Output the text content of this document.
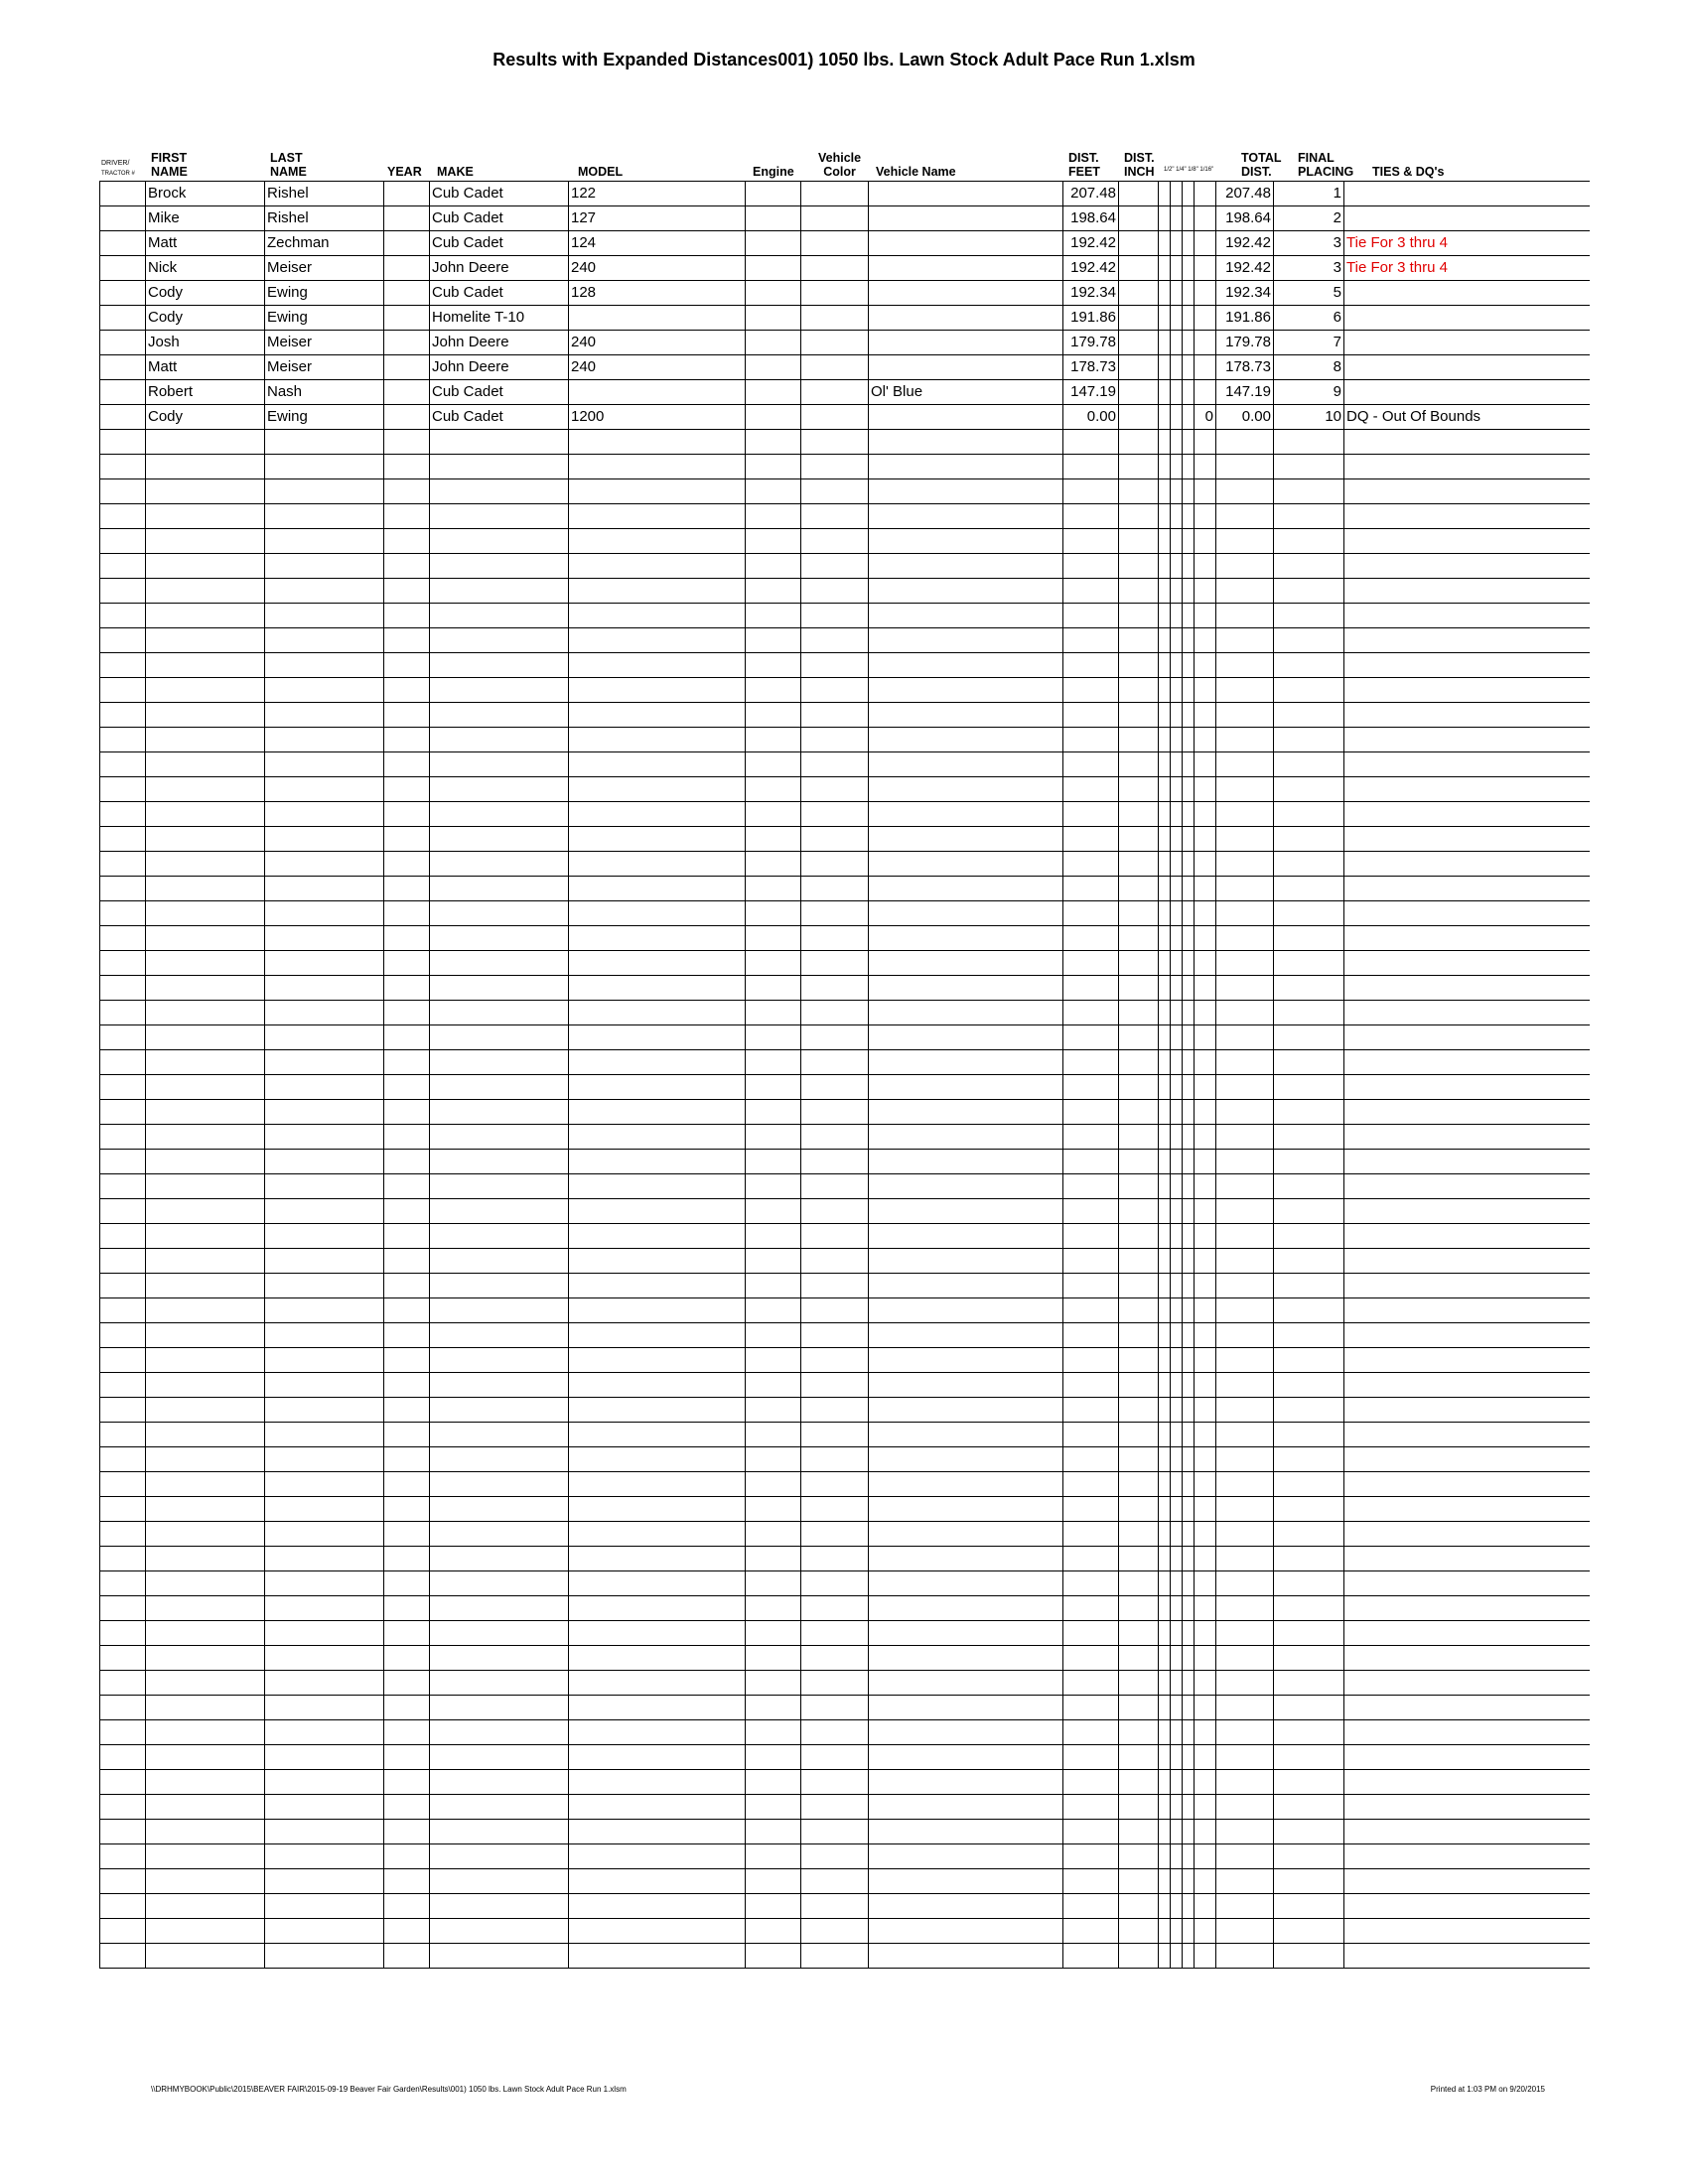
Results with Expanded Distances001) 1050 lbs. Lawn Stock Adult Pace Run 1.xlsm
DRIVER/
TRACTOR #
FIRST
NAME
LAST
NAME	YEAR MAKE	MODEL	Engine
Vehicle
Color	Vehicle Name
DIST.
FEET
DIST.
INCH 1/2" 1/4" 1/8" 1/16"
TOTAL
DIST.
FINAL
PLACING TIES & DQ's
	Brock	Rishel		Cub Cadet	122				207.48						207.48	1	
	Mike	Rishel		Cub Cadet	127				198.64						198.64	2	
	Matt	Zechman		Cub Cadet	124				192.42						192.42	3	Tie For 3 thru 4
	Nick	Meiser		John Deere	240				192.42						192.42	3	Tie For 3 thru 4
	Cody	Ewing		Cub Cadet	128				192.34						192.34	5	
	Cody	Ewing		Homelite T-10					191.86						191.86	6	
	Josh	Meiser		John Deere	240				179.78						179.78	7	
	Matt	Meiser		John Deere	240				178.73						178.73	8	
	Robert	Nash		Cub Cadet				Ol' Blue	147.19						147.19	9	
	Cody	Ewing		Cub Cadet	1200				0.00					0	0.00	10	DQ - Out Of Bounds

\\DRHMYBOOK\Public\2015\BEAVER FAIR\2015-09-19 Beaver Fair Garden\Results\001) 1050 lbs. Lawn Stock Adult Pace Run 1.xlsm	Printed at 1:03 PM on 9/20/2015
